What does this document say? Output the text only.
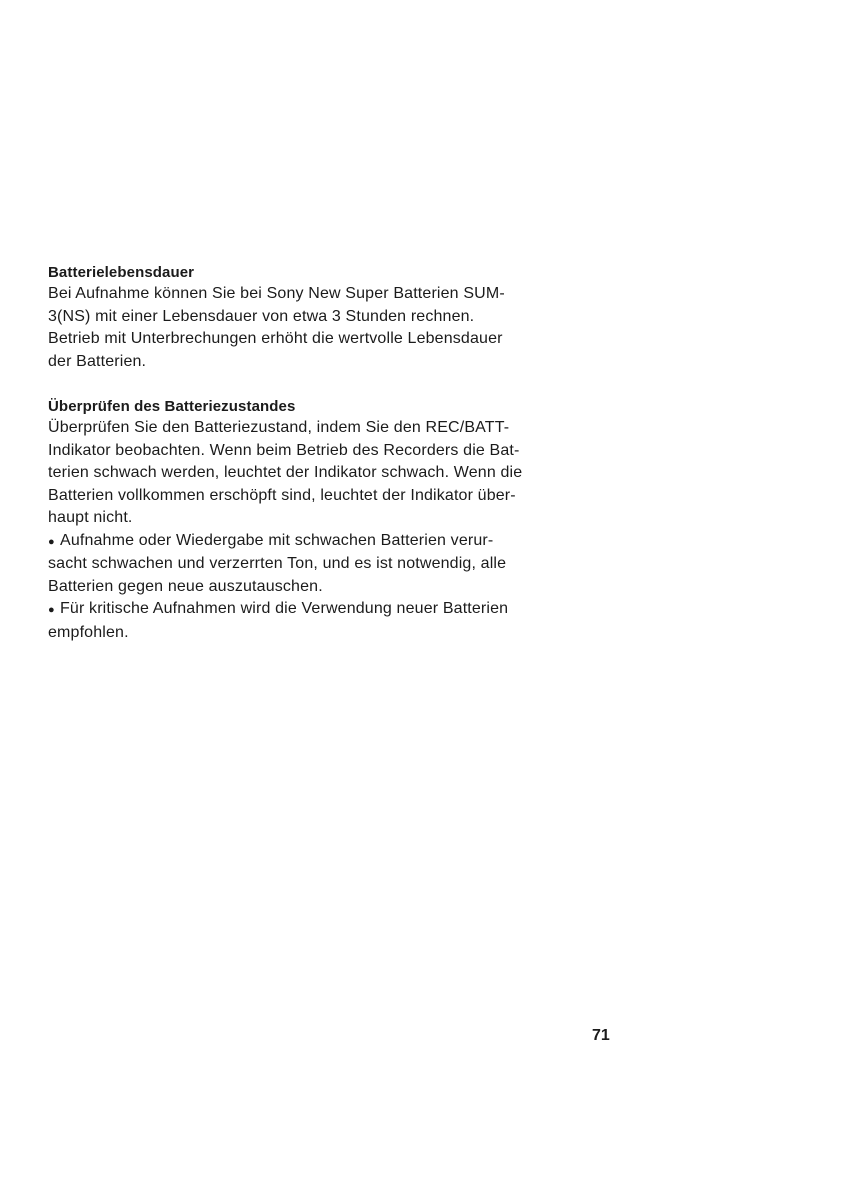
Batterielebensdauer
Bei Aufnahme können Sie bei Sony New Super Batterien SUM-
3(NS) mit einer Lebensdauer von etwa 3 Stunden rechnen.
Betrieb mit Unterbrechungen erhöht die wertvolle Lebensdauer
der Batterien.
Überprüfen des Batteriezustandes
Überprüfen Sie den Batteriezustand, indem Sie den REC/BATT-
Indikator beobachten. Wenn beim Betrieb des Recorders die Bat-
terien schwach werden, leuchtet der Indikator schwach. Wenn die
Batterien vollkommen erschöpft sind, leuchtet der Indikator über-
haupt nicht.
● Aufnahme oder Wiedergabe mit schwachen Batterien verur-
sacht schwachen und verzerrten Ton, und es ist notwendig, alle
Batterien gegen neue auszutauschen.
● Für kritische Aufnahmen wird die Verwendung neuer Batterien
empfohlen.
71
